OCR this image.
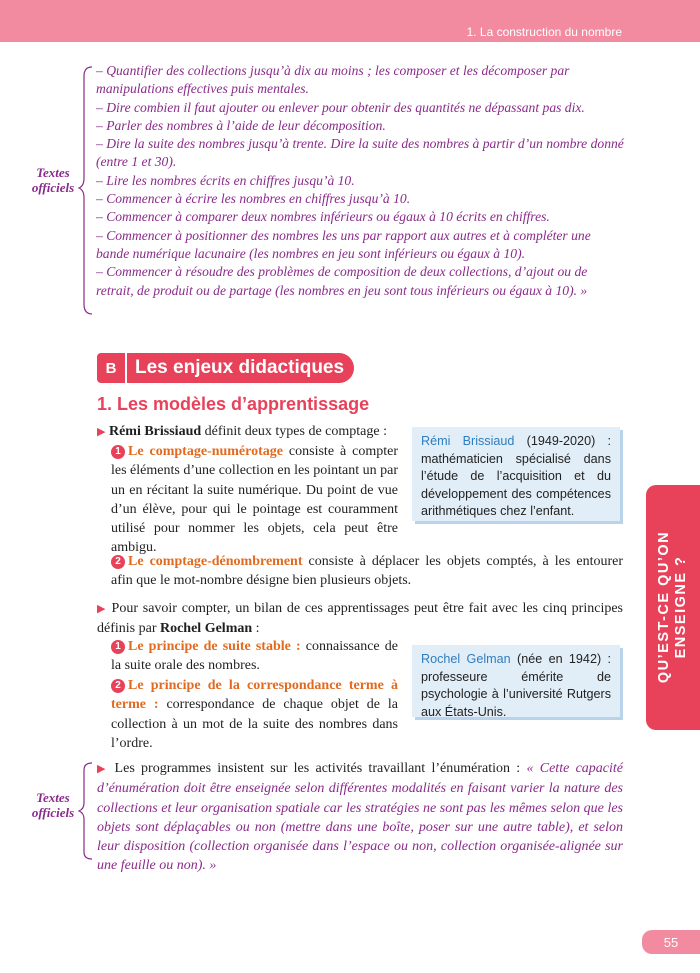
1. La construction du nombre
Textes officiels

– Quantifier des collections jusqu’à dix au moins ; les composer et les décomposer par manipulations effectives puis mentales.

– Dire combien il faut ajouter ou enlever pour obtenir des quantités ne dépassant pas dix.

– Parler des nombres à l’aide de leur décomposition.

– Dire la suite des nombres jusqu’à trente. Dire la suite des nombres à partir d’un nombre donné (entre 1 et 30).

– Lire les nombres écrits en chiffres jusqu’à 10.

– Commencer à écrire les nombres en chiffres jusqu’à 10.

– Commencer à comparer deux nombres inférieurs ou égaux à 10 écrits en chiffres.

– Commencer à positionner des nombres les uns par rapport aux autres et à compléter une bande numérique lacunaire (les nombres en jeu sont inférieurs ou égaux à 10).

– Commencer à résoudre des problèmes de composition de deux collections, d’ajout ou de retrait, de produit ou de partage (les nombres en jeu sont tous inférieurs ou égaux à 10). »

B Les enjeux didactiques
1. Les modèles d’apprentissage
▶ Rémi Brissiaud définit deux types de comptage :
1 Le comptage-numérotage consiste à compter les éléments d’une collection en les pointant un par un en récitant la suite numérique. Du point de vue d’un élève, pour qui le pointage est couramment utilisé pour nommer les objets, cela peut être ambigu.
2 Le comptage-dénombrement consiste à déplacer les objets comptés, à les entourer afin que le mot-nombre désigne bien plusieurs objets.
Rémi Brissiaud (1949-2020) : mathématicien spécialisé dans l’étude de l’acquisition et du développement des compétences arithmétiques chez l’enfant.
▶ Pour savoir compter, un bilan de ces apprentissages peut être fait avec les cinq principes définis par Rochel Gelman :
1 Le principe de suite stable : connaissance de la suite orale des nombres.
2 Le principe de la correspondance terme à terme : correspondance de chaque objet de la collection à un mot de la suite des nombres dans l’ordre.
Rochel Gelman (née en 1942) : professeure émérite de psychologie à l’université Rutgers aux États-Unis.
Textes officiels
▶ Les programmes insistent sur les activités travaillant l’énumération : « Cette capacité d’énumération doit être enseignée selon différentes modalités en faisant varier la nature des collections et leur organisation spatiale car les stratégies ne sont pas les mêmes selon que les objets sont déplaçables ou non (mettre dans une boîte, poser sur une autre table), et selon leur disposition (collection organisée dans l’espace ou non, collection organisée-alignée sur une feuille ou non). »
QU’EST-CE QU’ON ENSEIGNE ?
55
